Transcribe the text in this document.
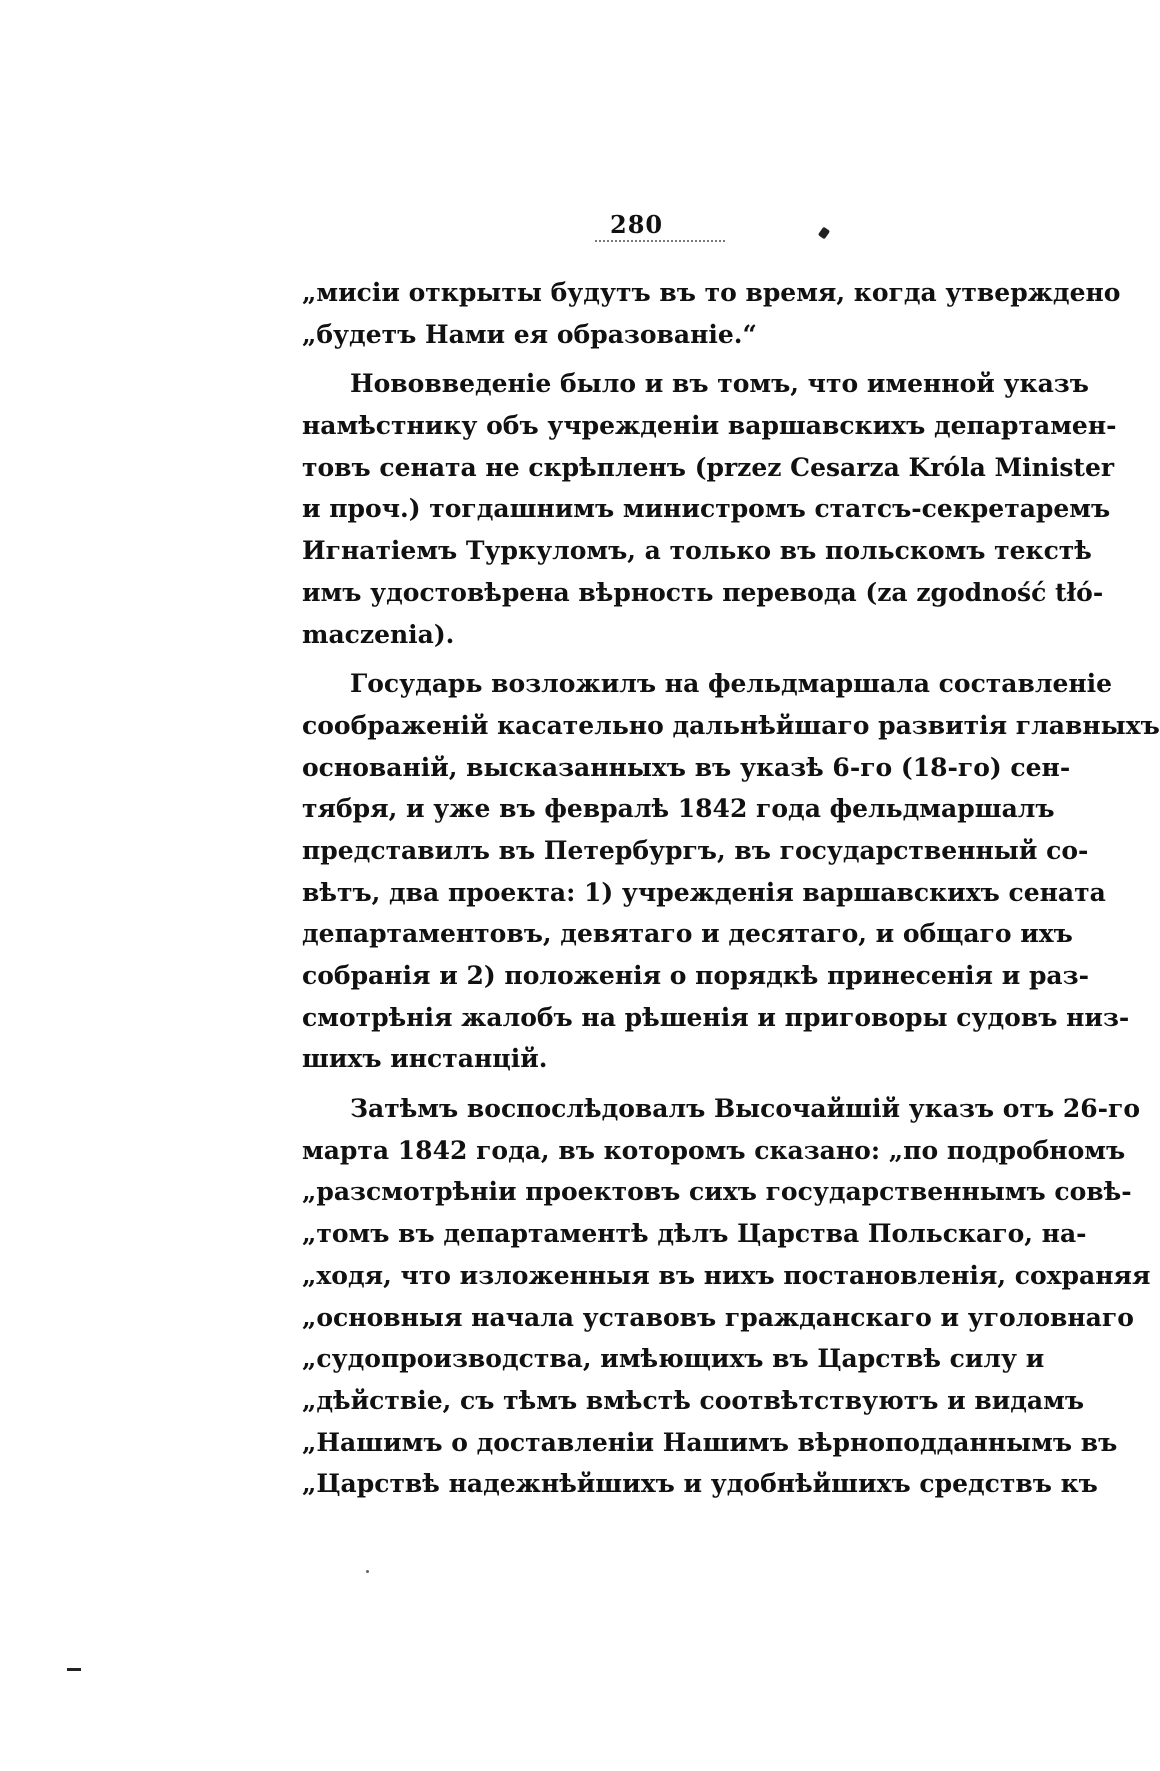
280
„мисіи открыты будутъ въ то время, когда утверждено
„будетъ Нами ея образованіе.“
Нововведеніе было и въ томъ, что именной указъ
намѣстнику объ учрежденіи варшавскихъ департамен-
товъ сената не скрѣпленъ (przez Cesarza Króla Minister
и проч.) тогдашнимъ министромъ статсъ-секретаремъ
Игнатіемъ Туркуломъ, а только въ польскомъ текстѣ
имъ удостовѣрена вѣрность перевода (za zgodność tłó-
maczenia).
Государь возложилъ на фельдмаршала составленіе
соображеній касательно дальнѣйшаго развитія главныхъ
основаній, высказанныхъ въ указѣ 6-го (18-го) сен-
тября, и уже въ февралѣ 1842 года фельдмаршалъ
представилъ въ Петербургъ, въ государственный со-
вѣтъ, два проекта: 1) учрежденія варшавскихъ сената
департаментовъ, девятаго и десятаго, и общаго ихъ
собранія и 2) положенія о порядкѣ принесенія и раз-
смотрѣнія жалобъ на рѣшенія и приговоры судовъ низ-
шихъ инстанцій.
Затѣмъ воспослѣдовалъ Высочайшій указъ отъ 26-го
марта 1842 года, въ которомъ сказано: „по подробномъ
„разсмотрѣніи проектовъ сихъ государственнымъ совѣ-
„томъ въ департаментѣ дѣлъ Царства Польскаго, на-
„ходя, что изложенныя въ нихъ постановленія, сохраняя
„основныя начала уставовъ гражданскаго и уголовнаго
„судопроизводства, имѣющихъ въ Царствѣ силу и
„дѣйствіе, съ тѣмъ вмѣстѣ соотвѣтствуютъ и видамъ
„Нашимъ о доставленіи Нашимъ вѣрноподданнымъ въ
„Царствѣ надежнѣйшихъ и удобнѣйшихъ средствъ къ
